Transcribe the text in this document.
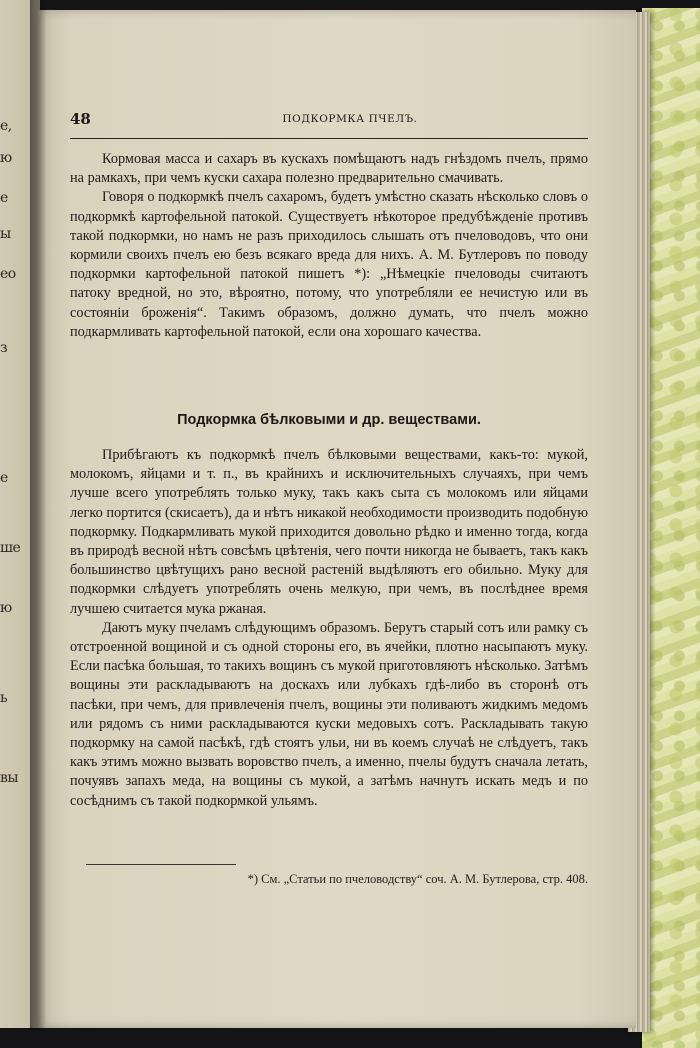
е,
ю
е
ы
ео
з
е
ше
ю
ь
вы
48	ПОДКОРМКА ПЧЕЛЪ.

Кормовая масса и сахаръ въ кускахъ помѣщаютъ надъ гнѣздомъ пчелъ, прямо на рамкахъ, при чемъ куски сахара полезно предварительно смачивать.

Говоря о подкормкѣ пчелъ сахаромъ, будетъ умѣстно сказать нѣсколько словъ о подкормкѣ картофельной патокой. Существуетъ нѣкоторое предубѣжденіе противъ такой подкормки, но намъ не разъ приходилось слышать отъ пчеловодовъ, что они кормили своихъ пчелъ ею безъ всякаго вреда для нихъ. А. М. Бутлеровъ по поводу подкормки картофельной патокой пишетъ *): „Нѣмецкіе пчеловоды считаютъ патоку вредной, но это, вѣроятно, потому, что употребляли ее нечистую или въ состояніи броженія“. Такимъ образомъ, должно думать, что пчелъ можно подкармливать картофельной патокой, если она хорошаго качества.

Подкормка бѣлковыми и др. веществами.

Прибѣгаютъ къ подкормкѣ пчелъ бѣлковыми веществами, какъ-то: мукой, молокомъ, яйцами и т. п., въ крайнихъ и исключительныхъ случаяхъ, при чемъ лучше всего употреблять только муку, такъ какъ сыта съ молокомъ или яйцами легко портится (скисаетъ), да и нѣтъ никакой необходимости производить подобную подкормку. Подкармливать мукой приходится довольно рѣдко и именно тогда, когда въ природѣ весной нѣтъ совсѣмъ цвѣтенія, чего почти никогда не бываетъ, такъ какъ большинство цвѣтущихъ рано весной растеній выдѣляютъ его обильно. Муку для подкормки слѣдуетъ употреблять очень мелкую, при чемъ, въ послѣднее время лучшею считается мука ржаная.

Даютъ муку пчеламъ слѣдующимъ образомъ. Берутъ старый сотъ или рамку съ отстроенной вощиной и съ одной стороны его, въ ячейки, плотно насыпаютъ муку. Если пасѣка большая, то такихъ вощинъ съ мукой приготовляютъ нѣсколько. Затѣмъ вощины эти раскладываютъ на доскахъ или лубкахъ гдѣ-либо въ сторонѣ отъ пасѣки, при чемъ, для привлеченія пчелъ, вощины эти поливаютъ жидкимъ медомъ или рядомъ съ ними раскладываются куски медовыхъ сотъ. Раскладывать такую подкормку на самой пасѣкѣ, гдѣ стоятъ ульи, ни въ коемъ случаѣ не слѣдуетъ, такъ какъ этимъ можно вызвать воровство пчелъ, а именно, пчелы будутъ сначала летать, почуявъ запахъ меда, на вощины съ мукой, а затѣмъ начнутъ искать медъ и по сосѣднимъ съ такой подкормкой ульямъ.

*) См. „Статьи по пчеловодству“ соч. А. М. Бутлерова, стр. 408.
